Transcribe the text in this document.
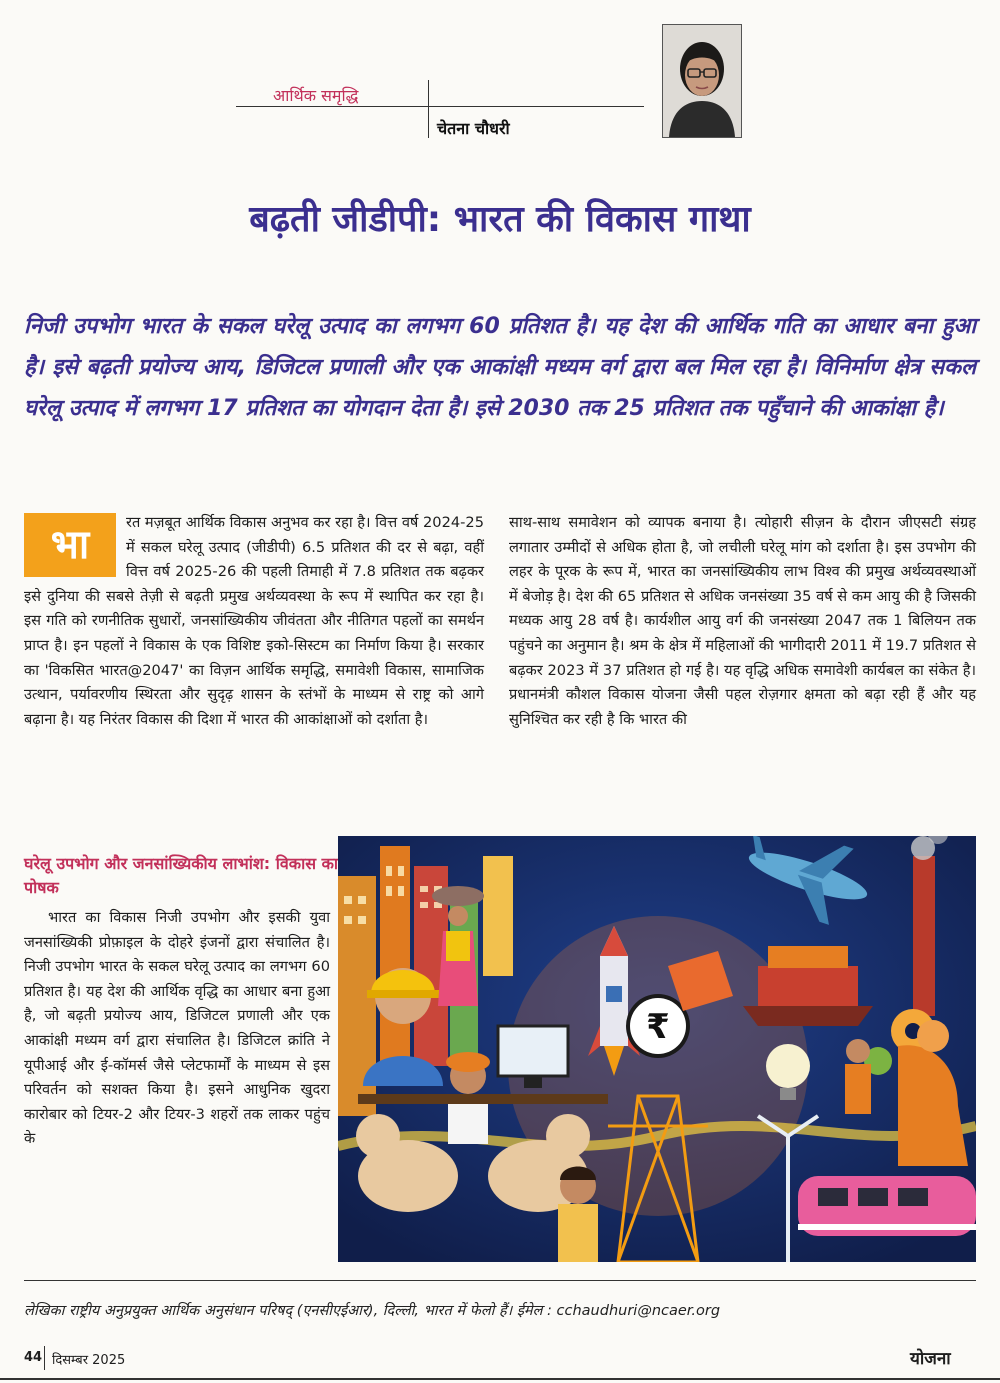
आर्थिक समृद्धि
चेतना चौधरी
बढ़ती जीडीपी: भारत की विकास गाथा

निजी उपभोग भारत के सकल घरेलू उत्पाद का लगभग 60 प्रतिशत है। यह देश की आर्थिक गति का आधार बना हुआ है। इसे बढ़ती प्रयोज्य आय, डिजिटल प्रणाली और एक आकांक्षी मध्यम वर्ग द्वारा बल मिल रहा है। विनिर्माण क्षेत्र सकल घरेलू उत्पाद में लगभग 17 प्रतिशत का योगदान देता है। इसे 2030 तक 25 प्रतिशत तक पहुँचाने की आकांक्षा है।

भा	रत मज़बूत आर्थिक विकास अनुभव कर रहा है। वित्त वर्ष 2024-25 में सकल घरेलू उत्पाद (जीडीपी) 6.5 प्रतिशत की दर से बढ़ा, वहीं वित्त वर्ष 2025-26 की पहली तिमाही में 7.8 प्रतिशत तक बढ़कर इसे दुनिया की सबसे तेज़ी से बढ़ती प्रमुख अर्थव्यवस्था के रूप में स्थापित कर रहा है। इस गति को रणनीतिक सुधारों, जनसांख्यिकीय जीवंतता और नीतिगत पहलों का समर्थन प्राप्त है। इन पहलों ने विकास के एक विशिष्ट इको-सिस्टम का निर्माण किया है। सरकार का 'विकसित भारत@2047' का विज़न आर्थिक समृद्धि, समावेशी विकास, सामाजिक उत्थान, पर्यावरणीय स्थिरता और सुदृढ़ शासन के स्तंभों के माध्यम से राष्ट्र को आगे बढ़ाना है। यह निरंतर विकास की दिशा में भारत की आकांक्षाओं को दर्शाता है।

साथ-साथ समावेशन को व्यापक बनाया है। त्योहारी सीज़न के दौरान जीएसटी संग्रह लगातार उम्मीदों से अधिक होता है, जो लचीली घरेलू मांग को दर्शाता है। इस उपभोग की लहर के पूरक के रूप में, भारत का जनसांख्यिकीय लाभ विश्व की प्रमुख अर्थव्यवस्थाओं में बेजोड़ है। देश की 65 प्रतिशत से अधिक जनसंख्या 35 वर्ष से कम आयु की है जिसकी मध्यक आयु 28 वर्ष है। कार्यशील आयु वर्ग की जनसंख्या 2047 तक 1 बिलियन तक पहुंचने का अनुमान है। श्रम के क्षेत्र में महिलाओं की भागीदारी 2011 में 19.7 प्रतिशत से बढ़कर 2023 में 37 प्रतिशत हो गई है। यह वृद्धि अधिक समावेशी कार्यबल का संकेत है। प्रधानमंत्री कौशल विकास योजना जैसी पहल रोज़गार क्षमता को बढ़ा रही हैं और यह सुनिश्चित कर रही है कि भारत की

घरेलू उपभोग और जनसांख्यिकीय लाभांश: विकास का पोषक

भारत का विकास निजी उपभोग और इसकी युवा जनसांख्यिकी प्रोफ़ाइल के दोहरे इंजनों द्वारा संचालित है। निजी उपभोग भारत के सकल घरेलू उत्पाद का लगभग 60 प्रतिशत है। यह देश की आर्थिक वृद्धि का आधार बना हुआ है, जो बढ़ती प्रयोज्य आय, डिजिटल प्रणाली और एक आकांक्षी मध्यम वर्ग द्वारा संचालित है। डिजिटल क्रांति ने यूपीआई और ई-कॉमर्स जैसे प्लेटफार्मों के माध्यम से इस परिवर्तन को सशक्त किया है। इसने आधुनिक खुदरा कारोबार को टियर-2 और टियर-3 शहरों तक लाकर पहुंच के

₹
लेखिका राष्ट्रीय अनुप्रयुक्त आर्थिक अनुसंधान परिषद् (एनसीएईआर), दिल्ली, भारत में फेलो हैं। ईमेल : cchaudhuri@ncaer.org
44 दिसम्बर 2025	योजना
